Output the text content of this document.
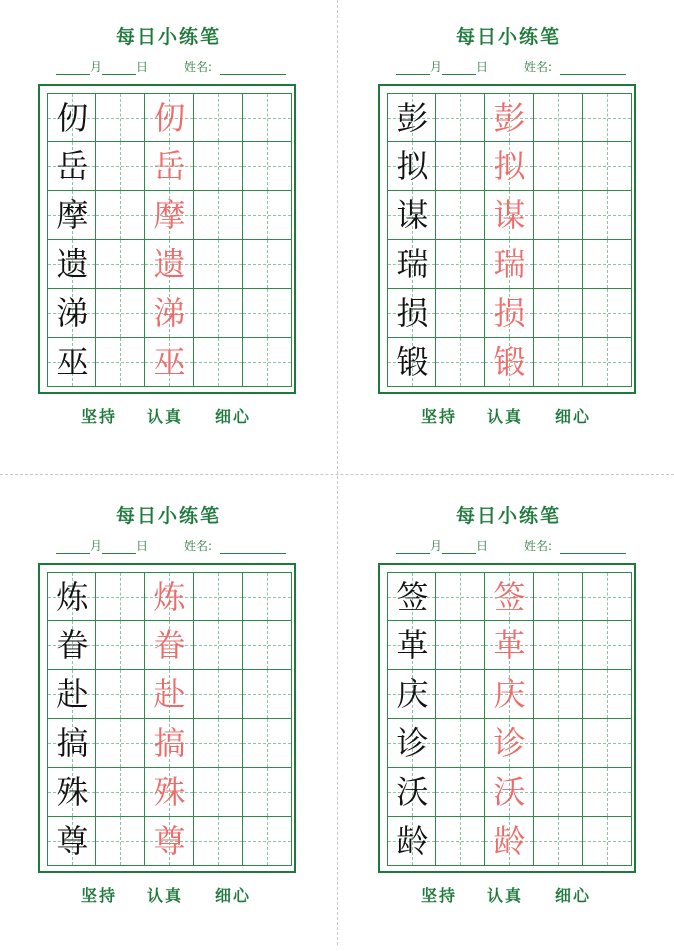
每日小练笔
月	日	姓名:
仞 仞
岳 岳
摩 摩
遗 遗
涕 涕
巫 巫
坚持 认真 细心
每日小练笔
月	日	姓名:
彭 彭
拟 拟
谋 谋
瑞 瑞
损 损
锻 锻
坚持 认真 细心
每日小练笔
月	日	姓名:
炼 炼
眷 眷
赴 赴
搞 搞
殊 殊
尊 尊
坚持 认真 细心
每日小练笔
月	日	姓名:
签 签
革 革
庆 庆
诊 诊
沃 沃
龄 龄
坚持 认真 细心
